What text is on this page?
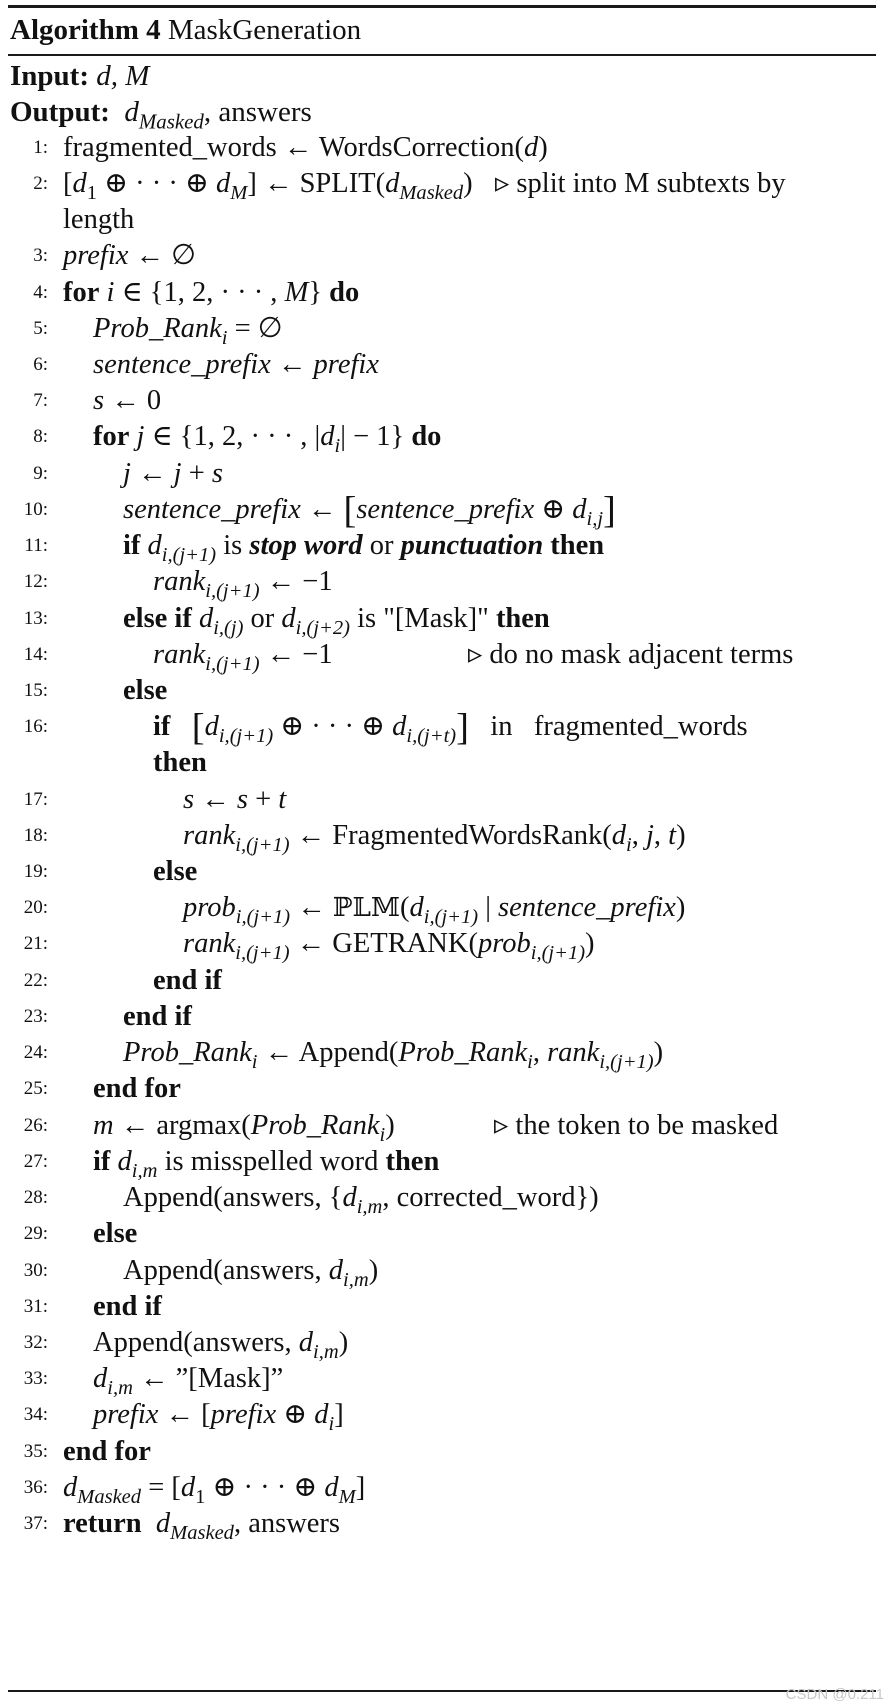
Algorithm 4 MaskGeneration
Input: d, M
Output:  $d_{Masked}$, answers
1: fragmented_words ← WordsCorrection(d)
2: [$d_1$ ⊕ · · · ⊕ $d_M$] ← $SPLIT(d_{Masked})$ ▹ split into M subtexts by
length
3: prefix ← ∅
4: for i ∈ {1, 2, · · · , M} do
5: Prob_Rank$_i$ = ∅
6: sentence_prefix ← prefix
7: s ← 0
8: for j ∈ {1, 2, · · · , $|d_i| - 1$} do
9:	j ← j + s
10:	sentence_prefix ← [sentence_prefix ⊕ $d_{i,j}$]
11:	if $d_{i,(j+1)}$ is stop word or punctuation then
12:	rank$_{i,(j+1)}$ ← −1
13:	else if $d_{i,(j)}$ or $d_{i,(j+2)}$ is "[Mask]" then
14:	rank$_{i,(j+1)}$ ← −1	▹ do no mask adjacent terms
15:	else
16:	if [$d_{i,(j+1)}$ ⊕ · · · ⊕ $d_{i,(j+t)}$]   in   fragmented_words
then
17:	s ← s + t
18:	rank$_{i,(j+1)}$ ← $FragmentedWordsRank(d_i$, j, t)
19:	else
20:	prob$_{i,(j+1)}$ ← $ℙ𝕃𝕄(d_{i,(j+1)}$ | sentence_prefix)
21:	rank$_{i,(j+1)}$ ← GETRANK(prob$_{i,(j+1)}$)
22:	end if
23:	end if
24:	Prob_Rank$_i$ ← Append(Prob_Rank$_i$, rank$_{i,(j+1)}$)
25: end for
26: m ← argmax(Prob_Rank$_i$)	▹ the token to be masked
27: if $d_{i,m}$ is misspelled word then
28:	Append(answers, {$d_{i,m}$, corrected_word})
29: else
30:	Append(answers, $d_{i,m}$)
31: end if
32: Append(answers, $d_{i,m}$)
33: $d_{i,m}$ ← ”[Mask]”
34: prefix ← [prefix ⊕ $d_i$]
35: end for
36: $d_{Masked} = [d_1$ ⊕ · · · ⊕ $d_M$]
37: return $d_{Masked}$, answers
CSDN @0.211
